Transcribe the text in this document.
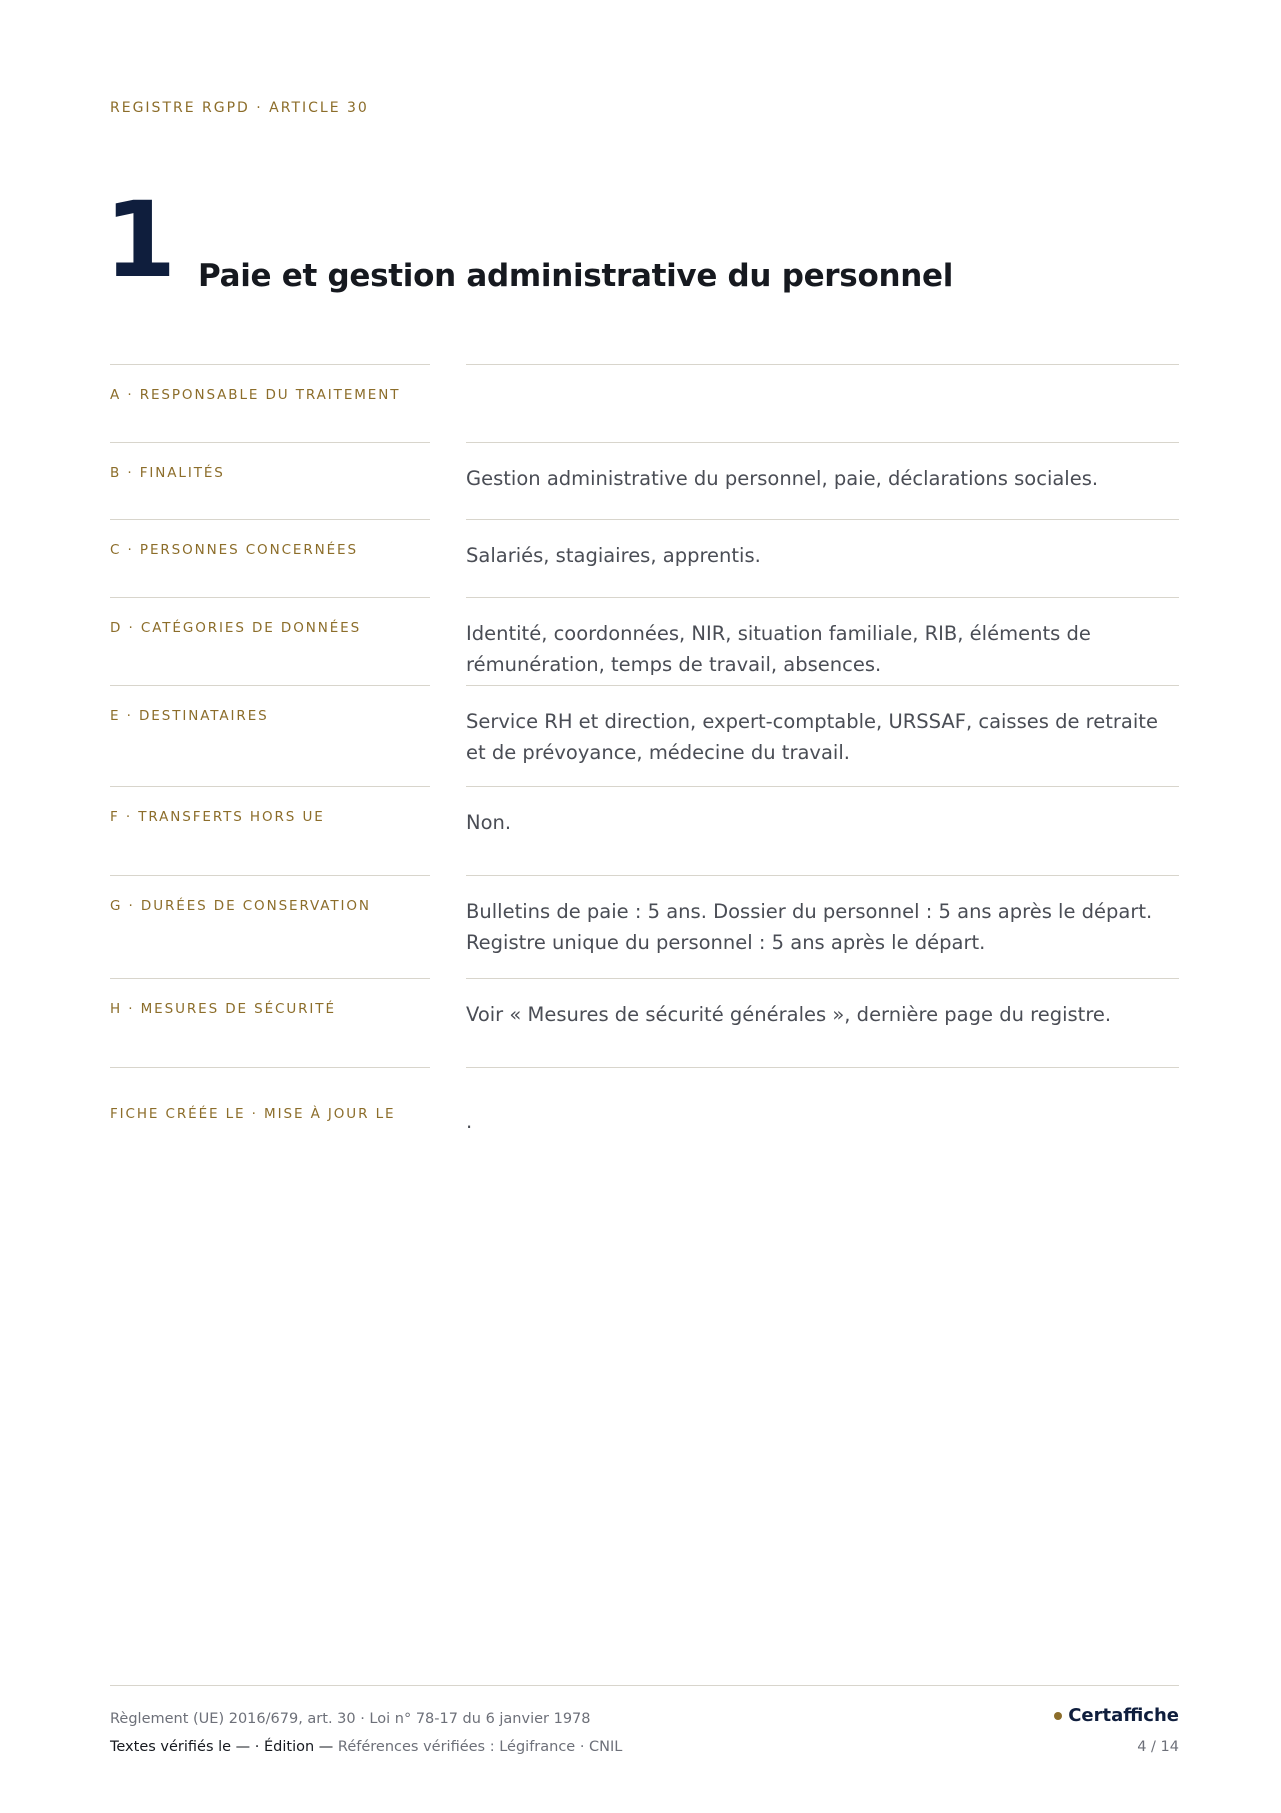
REGISTRE RGPD · ARTICLE 30
1 Paie et gestion administrative du personnel
A · RESPONSABLE DU TRAITEMENT
B · FINALITÉS	Gestion administrative du personnel, paie, déclarations sociales.
C · PERSONNES CONCERNÉES	Salariés, stagiaires, apprentis.
D · CATÉGORIES DE DONNÉES	Identité, coordonnées, NIR, situation familiale, RIB, éléments de rémunération, temps de travail, absences.
E · DESTINATAIRES	Service RH et direction, expert-comptable, URSSAF, caisses de retraite et de prévoyance, médecine du travail.
F · TRANSFERTS HORS UE	Non.
G · DURÉES DE CONSERVATION	Bulletins de paie : 5 ans. Dossier du personnel : 5 ans après le départ. Registre unique du personnel : 5 ans après le départ.
H · MESURES DE SÉCURITÉ	Voir « Mesures de sécurité générales », dernière page du registre.
FICHE CRÉÉE LE · MISE À JOUR LE	.
Règlement (UE) 2016/679, art. 30 · Loi n° 78-17 du 6 janvier 1978
Textes vérifiés le — · Édition — Références vérifiées : Légifrance · CNIL
Certaffiche
4 / 14
